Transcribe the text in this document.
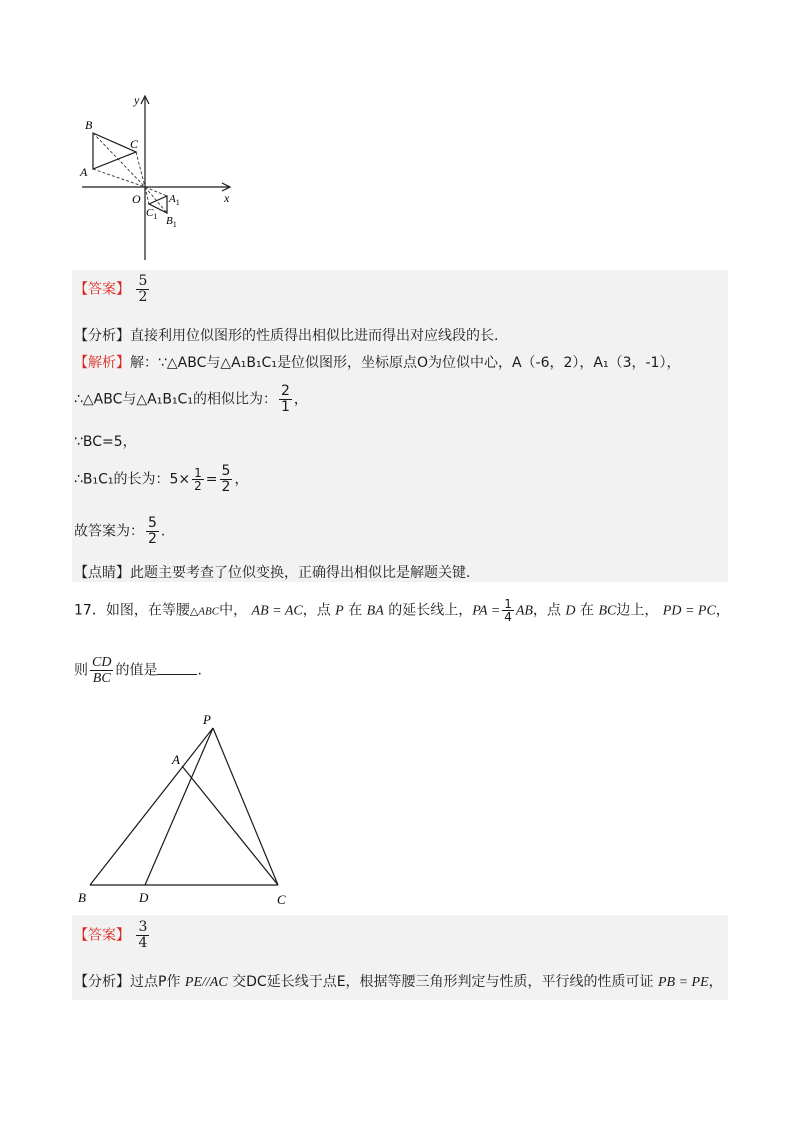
y
x
B
C
A
O	$A_1$
$C_1$ $B_1$
【答案】 $\frac{5}{2}$
【分析】直接利用位似图形的性质得出相似比进而得出对应线段的长.
【解析】解：∵△ABC与△A₁B₁C₁是位似图形，坐标原点O为位似中心，A（-6，2），A₁（3，-1），
∴△ABC与△A₁B₁C₁的相似比为： $\frac{2}{1}$ ，
∵BC=5，
∴B₁C₁的长为：$5\times \frac{1}{2} = \frac{5}{2}$ ，
故答案为： $\frac{5}{2}$ .
【点睛】此题主要考查了位似变换，正确得出相似比是解题关键.
17．如图，在等腰△ABC中， AB = AC，点 P 在 BA 的延长线上，PA = $\frac{1}{4}$ AB，点 D 在 BC边上， PD = PC，
则 $\frac{CD}{BC}$ 的值是	.
P
A
B	D	C
【答案】 $\frac{3}{4}$
【分析】过点P作 PE//AC 交DC延长线于点E，根据等腰三角形判定与性质，平行线的性质可证 PB = PE，
